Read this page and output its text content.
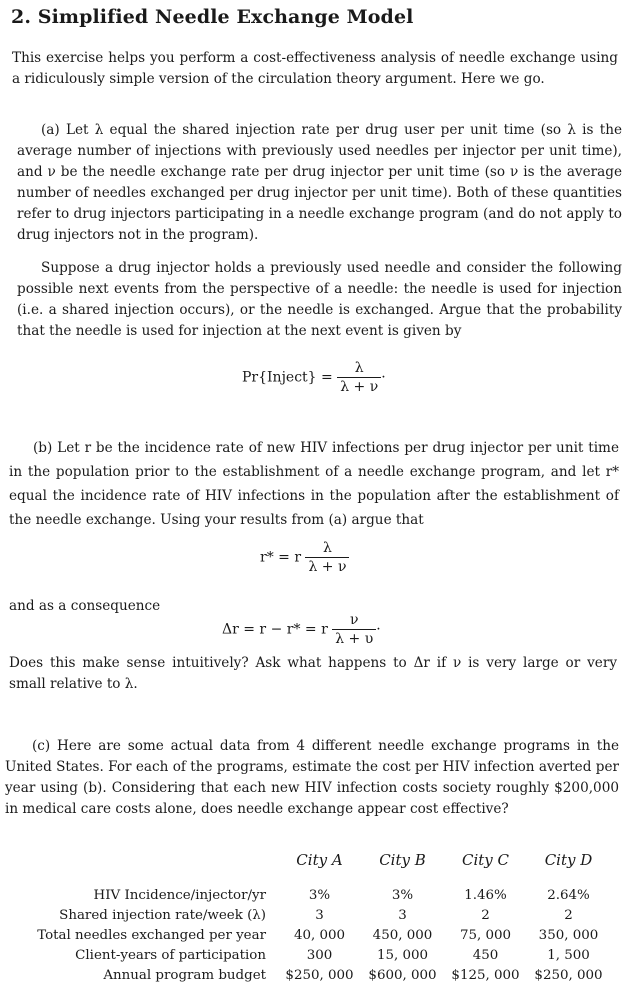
2. Simplified Needle Exchange Model
This exercise helps you perform a cost-effectiveness analysis of needle exchange using a ridiculously simple version of the circulation theory argument. Here we go.
(a) Let λ equal the shared injection rate per drug user per unit time (so λ is the average number of injections with previously used needles per injector per unit time), and ν be the needle exchange rate per drug injector per unit time (so ν is the average number of needles exchanged per drug injector per unit time). Both of these quantities refer to drug injectors participating in a needle exchange program (and do not apply to drug injectors not in the program).
Suppose a drug injector holds a previously used needle and consider the following possible next events from the perspective of a needle: the needle is used for injection (i.e. a shared injection occurs), or the needle is exchanged. Argue that the probability that the needle is used for injection at the next event is given by
Pr{Inject} = $\frac{\lambda}{\lambda + \nu}$ ·
(b) Let r be the incidence rate of new HIV infections per drug injector per unit time in the population prior to the establishment of a needle exchange program, and let r* equal the incidence rate of HIV infections in the population after the establishment of the needle exchange. Using your results from (a) argue that
r* = r $\frac{\lambda}{\lambda + \nu}$
and as a consequence
Δr = r − r* = r $\frac{\nu}{\lambda + \upsilon}$ ·
Does this make sense intuitively? Ask what happens to Δr if ν is very large or very small relative to λ.
(c) Here are some actual data from 4 different needle exchange programs in the United States. For each of the programs, estimate the cost per HIV infection averted per year using (b). Considering that each new HIV infection costs society roughly $200,000 in medical care costs alone, does needle exchange appear cost effective?
	City A	City B	City C	City D
HIV Incidence/injector/yr	3%	3%	1.46%	2.64%
Shared injection rate/week (λ)	3	3	2	2
Total needles exchanged per year	40, 000	450, 000	75, 000	350, 000
Client-years of participation	300	15, 000	450	1, 500
Annual program budget	$250, 000	$600, 000	$125, 000	$250, 000
